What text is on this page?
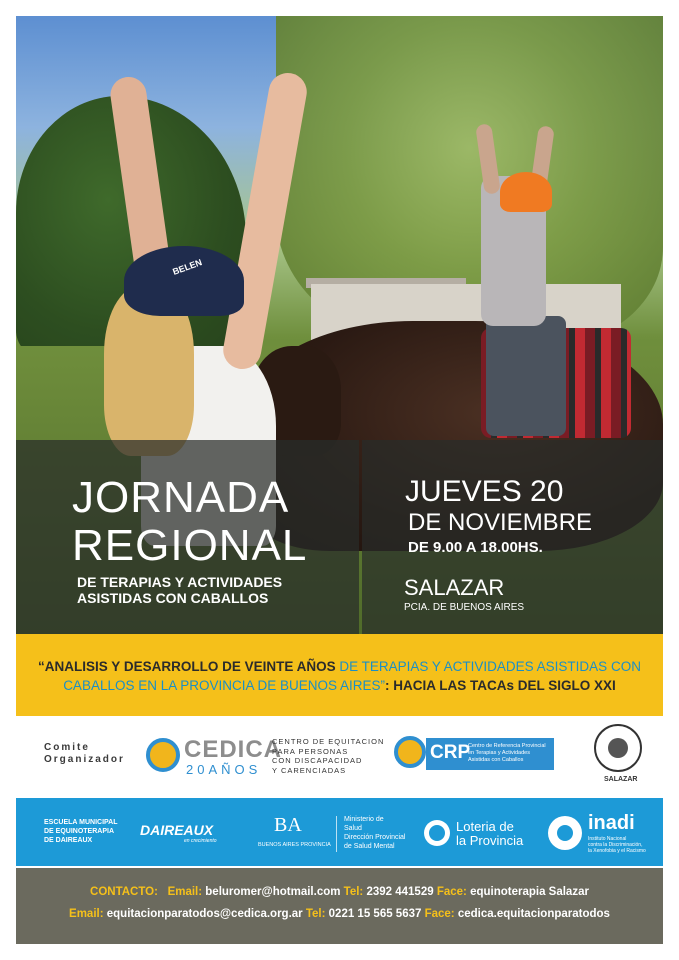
BELEN
JORNADA
REGIONAL
DE TERAPIAS Y ACTIVIDADES
ASISTIDAS CON CABALLOS
JUEVES 20
DE NOVIEMBRE
DE 9.00 A 18.00HS.
SALAZAR
PCIA. DE BUENOS AIRES
“ANALISIS Y DESARROLLO DE VEINTE AÑOS DE TERAPIAS Y ACTIVIDADES ASISTIDAS CON
CABALLOS EN LA PROVINCIA DE BUENOS AIRES”: HACIA LAS TACAs DEL SIGLO XXI
Comite
Organizador CEDICA
20AÑOS
CENTRO DE EQUITACION
PARA PERSONAS
CON DISCAPACIDAD
Y CARENCIADAS
CRP
Centro de Referencia Provincial
en Terapias y Actividades
Asistidas con Caballos
SALAZAR
ESCUELA MUNICIPAL
DE EQUINOTERAPIA
DE DAIREAUX
DAIREAUX
en crecimiento
BA
BUENOS AIRES PROVINCIA
Ministerio de
Salud
Dirección Provincial
de Salud Mental
Loteria de
la Provincia
inadi
Instituto Nacional
contra la Discriminación,
la Xenofobia y el Racismo
CONTACTO: Email: beluromer@hotmail.com Tel: 2392 441529 Face: equinoterapia Salazar
Email: equitacionparatodos@cedica.org.ar Tel: 0221 15 565 5637 Face: cedica.equitacionparatodos
